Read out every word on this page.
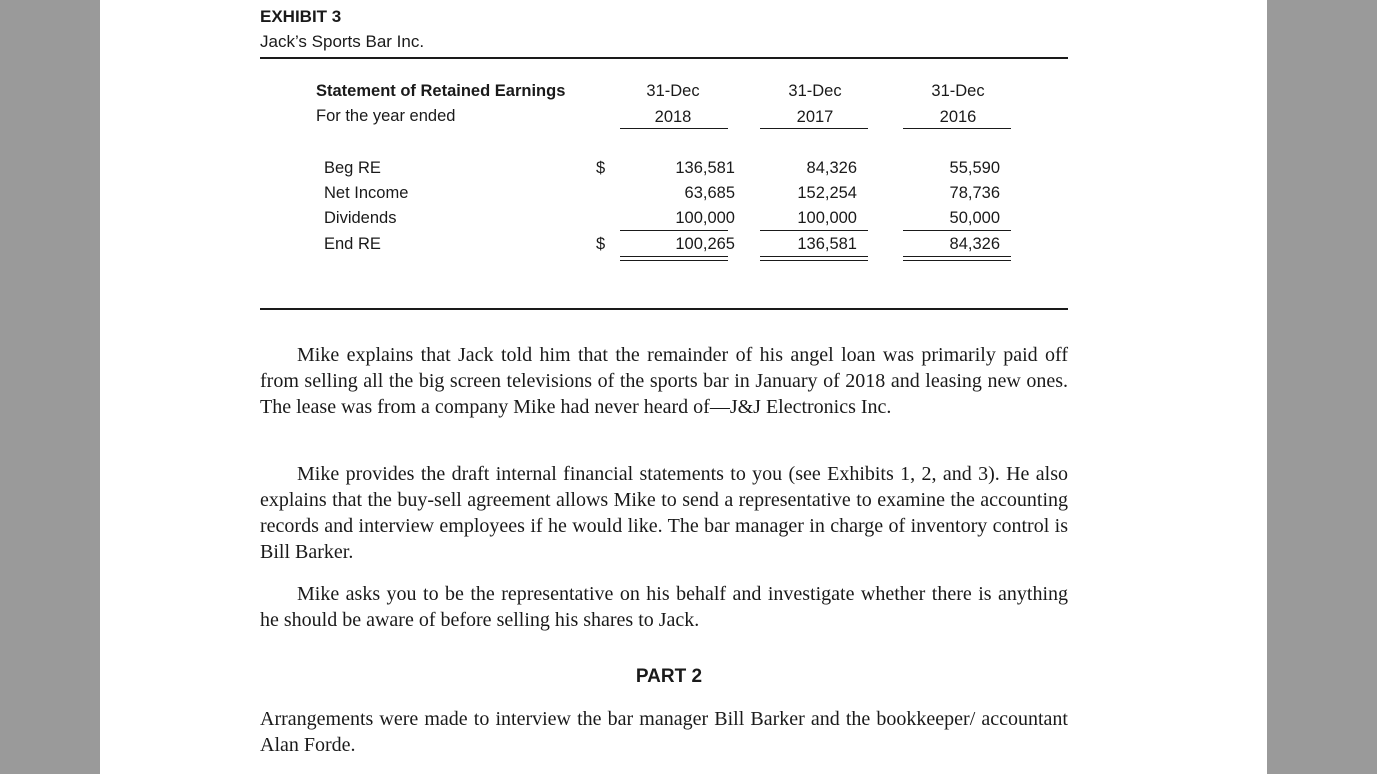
EXHIBIT 3
Jack’s Sports Bar Inc.
Statement of Retained Earnings
For the year ended
31-Dec	31-Dec	31-Dec
2018	2017	2016
Beg RE	$	136,581	84,326	55,590
Net Income	63,685	152,254	78,736
Dividends	100,000	100,000	50,000
End RE	$	100,265	136,581	84,326

Mike explains that Jack told him that the remainder of his angel loan was primarily paid off from selling all the big screen televisions of the sports bar in January of 2018 and leasing new ones. The lease was from a company Mike had never heard of—J&J Electronics Inc.

Mike provides the draft internal financial statements to you (see Exhibits 1, 2, and 3). He also explains that the buy-sell agreement allows Mike to send a representative to examine the accounting records and interview employees if he would like. The bar manager in charge of inventory control is Bill Barker.

Mike asks you to be the representative on his behalf and investigate whether there is anything he should be aware of before selling his shares to Jack.

PART 2

Arrangements were made to interview the bar manager Bill Barker and the bookkeeper/ accountant Alan Forde.
